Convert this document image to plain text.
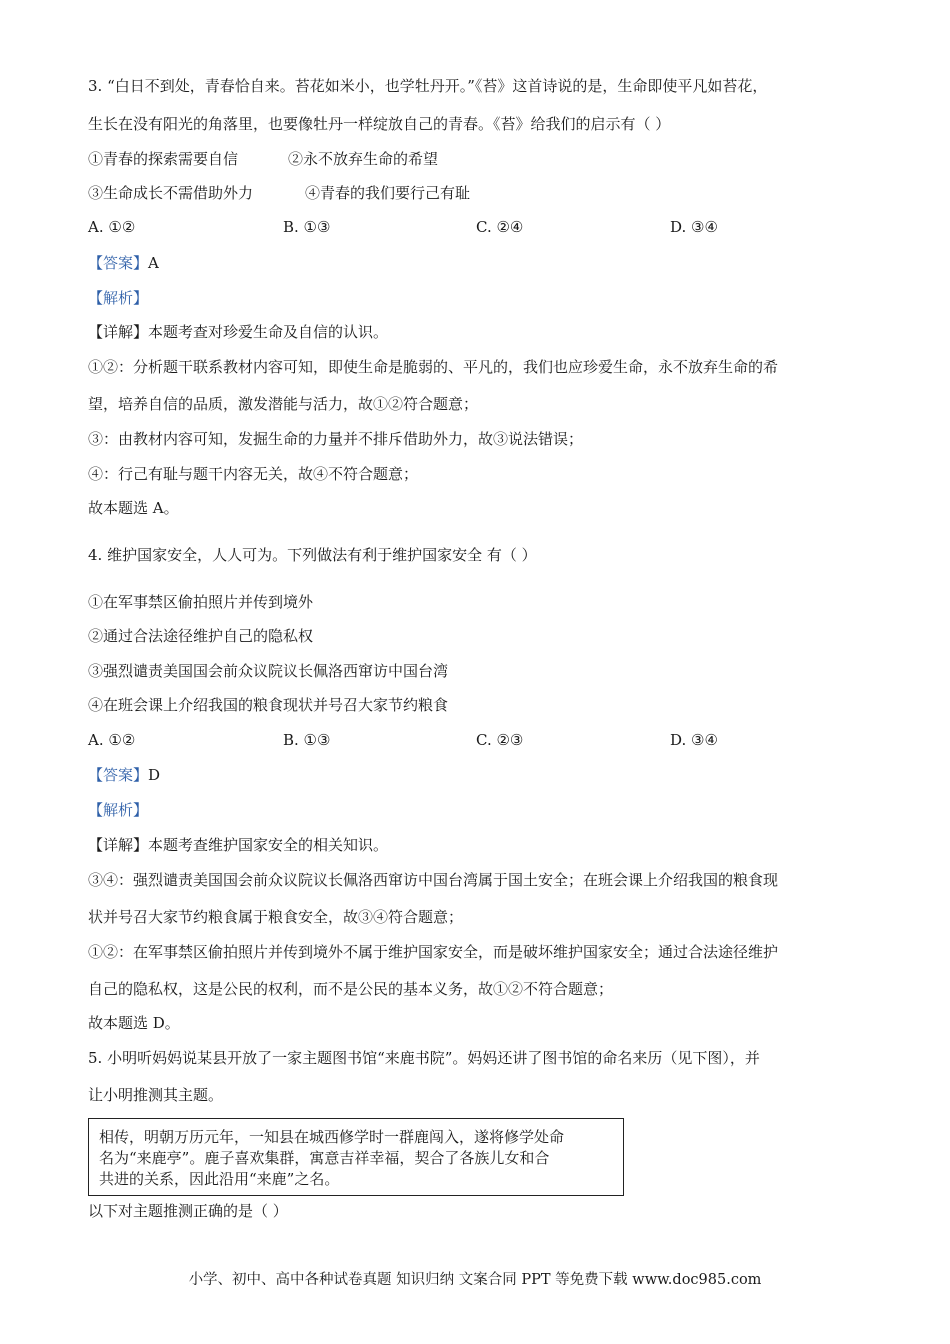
3. “白日不到处，青春恰自来。苔花如米小，也学牡丹开。”《苔》这首诗说的是，生命即使平凡如苔花，
生长在没有阳光的角落里，也要像牡丹一样绽放自己的青春。《苔》给我们的启示有（ ）
①青春的探索需要自信	②永不放弃生命的希望
③生命成长不需借助外力	④青春的我们要行己有耻
A. ①②	B. ①③	C. ②④	D. ③④
【答案】A
【解析】
【详解】本题考查对珍爱生命及自信的认识。
①②：分析题干联系教材内容可知，即使生命是脆弱的、平凡的，我们也应珍爱生命，永不放弃生命的希
望，培养自信的品质，激发潜能与活力，故①②符合题意；
③：由教材内容可知，发掘生命的力量并不排斥借助外力，故③说法错误；
④：行己有耻与题干内容无关，故④不符合题意；
故本题选 A。
4. 维护国家安全，人人可为。下列做法有利于维护国家安全 有（ ）
①在军事禁区偷拍照片并传到境外
②通过合法途径维护自己的隐私权
③强烈谴责美国国会前众议院议长佩洛西窜访中国台湾
④在班会课上介绍我国的粮食现状并号召大家节约粮食
A. ①②	B. ①③	C. ②③	D. ③④
【答案】D
【解析】
【详解】本题考查维护国家安全的相关知识。
③④：强烈谴责美国国会前众议院议长佩洛西窜访中国台湾属于国土安全；在班会课上介绍我国的粮食现
状并号召大家节约粮食属于粮食安全，故③④符合题意；
①②：在军事禁区偷拍照片并传到境外不属于维护国家安全，而是破坏维护国家安全；通过合法途径维护
自己的隐私权，这是公民的权利，而不是公民的基本义务，故①②不符合题意；
故本题选 D。
5. 小明听妈妈说某县开放了一家主题图书馆“来鹿书院”。妈妈还讲了图书馆的命名来历（见下图），并
让小明推测其主题。
相传，明朝万历元年，一知县在城西修学时一群鹿闯入，遂将修学处命
名为“来鹿亭”。鹿子喜欢集群，寓意吉祥幸福，契合了各族儿女和合
共进的关系，因此沿用“来鹿”之名。
以下对主题推测正确的是（ ）
小学、初中、高中各种试卷真题 知识归纳 文案合同 PPT 等免费下载 www.doc985.com
